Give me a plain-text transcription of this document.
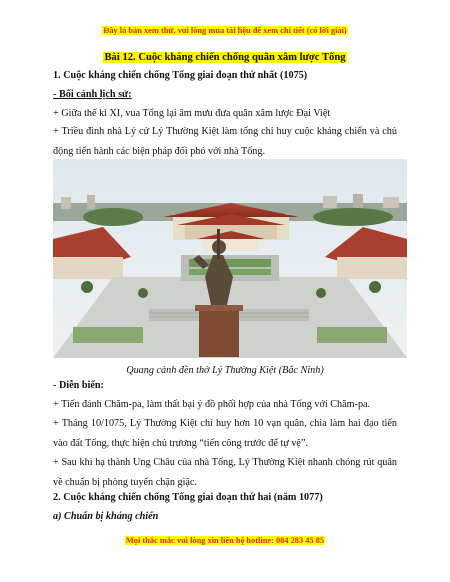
Đây là bản xem thử, vui lòng mua tài liệu để xem chi tiết (có lời giải)
Bài 12. Cuộc kháng chiến chống quân xâm lược Tống
1. Cuộc kháng chiến chống Tống giai đoạn thứ nhất (1075)
- Bối cảnh lịch sử:
+ Giữa thế kỉ XI, vua Tống lại âm mưu đưa quân xâm lược Đại Việt
+ Triều đình nhà Lý cử Lý Thường Kiệt làm tổng chỉ huy cuộc kháng chiến và chủ động tiến hành các biện pháp đối phó với nhà Tống.
Quang cảnh đền thờ Lý Thường Kiệt (Bắc Ninh)
- Diễn biến:
+ Tiến đánh Chăm-pa, làm thất bại ý đồ phối hợp của nhà Tống với Chăm-pa.
+ Tháng 10/1075, Lý Thường Kiệt chỉ huy hơn 10 vạn quân, chia làm hai đạo tiến vào đất Tống, thực hiện chủ trương “tiến công trước để tự vệ”.
+ Sau khi hạ thành Ung Châu của nhà Tống, Lý Thường Kiệt nhanh chóng rút quân về chuẩn bị phòng tuyến chặn giặc.
2. Cuộc kháng chiến chống Tống giai đoạn thứ hai (năm 1077)
a) Chuẩn bị kháng chiến
Mọi thắc mắc vui lòng xin liên hệ hotline: 084 283 45 85
